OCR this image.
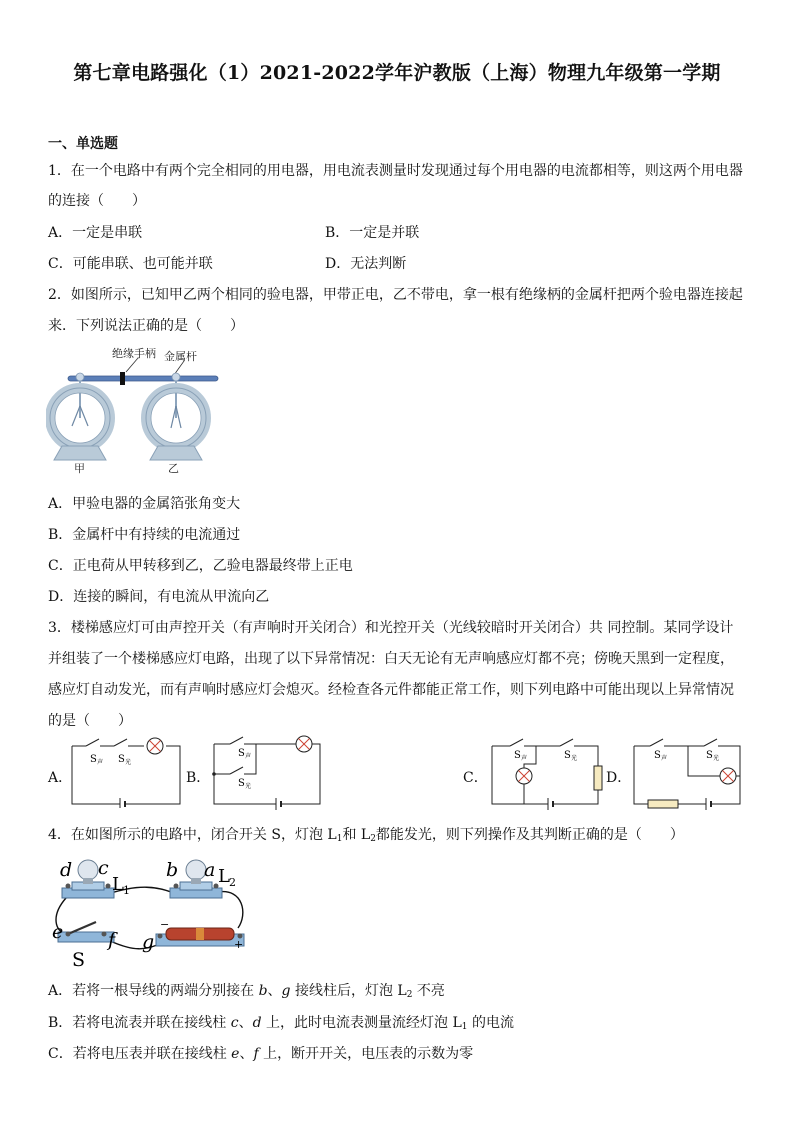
第七章电路强化（1）2021-2022学年沪教版（上海）物理九年级第一学期
一、单选题
1．在一个电路中有两个完全相同的用电器，用电流表测量时发现通过每个用电器的电流都相等，则这两个用电器
的连接（　　）
A．一定是串联	B．一定是并联
C．可能串联、也可能并联	D．无法判断
2．如图所示，已知甲乙两个相同的验电器，甲带正电，乙不带电，拿一根有绝缘柄的金属杆把两个验电器连接起
来．下列说法正确的是（　　）
绝缘手柄 金属杆
甲	乙
A．甲验电器的金属箔张角变大
B．金属杆中有持续的电流通过
C．正电荷从甲转移到乙，乙验电器最终带上正电
D．连接的瞬间，有电流从甲流向乙
3．楼梯感应灯可由声控开关（有声响时开关闭合）和光控开关（光线较暗时开关闭合）共 同控制。某同学设计
并组装了一个楼梯感应灯电路，出现了以下异常情况：白天无论有无声响感应灯都不亮；傍晚天黑到一定程度，
感应灯自动发光，而有声响时感应灯会熄灭。经检查各元件都能正常工作，则下列电路中可能出现以上异常情况
的是（　　）
A．	B．	C．	D．
S 声 S 光
S 声
S 光
S 声	S 光	S 声	S 光
4．在如图所示的电路中，闭合开关 S，灯泡 $L_1$和 $L_2$都能发光，则下列操作及其判断正确的是（　　）
d c
L 1
b a L 2
e f g
S
−
+
A．若将一根导线的两端分别接在 b、g 接线柱后，灯泡 $L_2$ 不亮
B．若将电流表并联在接线柱 c、d 上，此时电流表测量流经灯泡 $L_1$ 的电流
C．若将电压表并联在接线柱 e、f 上，断开开关，电压表的示数为零
